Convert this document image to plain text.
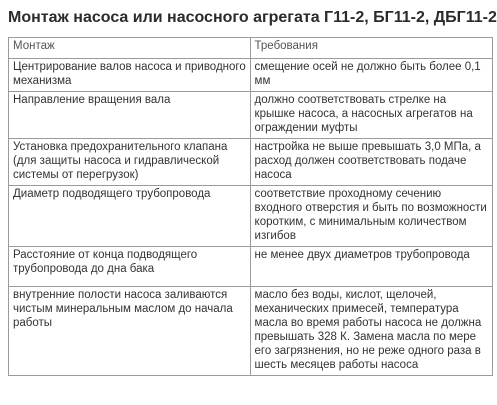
Монтаж насоса или насосного агрегата Г11-2, БГ11-2, ДБГ11-2
Монтаж	Требования
Центрирование валов насоса и приводного механизма	смещение осей не должно быть более 0,1 мм
Направление вращения вала	должно соответствовать стрелке на крышке насоса, а насосных агрегатов на ограждении муфты
Установка предохранительного клапана (для защиты насоса и гидравлической системы от перегрузок)	настройка не выше превышать 3,0 МПа, а расход должен соответствовать подаче насоса
Диаметр подводящего трубопровода	соответствие проходному сечению входного отверстия и быть по возможности коротким, с минимальным количеством изгибов
Расстояние от конца подводящего трубопровода до дна бака	не менее двух диаметров трубопровода
внутренние полости насоса заливаются чистым минеральным маслом до начала работы	масло без воды, кислот, щелочей, механических примесей, температура масла во время работы насоса не должна превышать 328 К. Замена масла по мере его загрязнения, но не реже одного раза в шесть месяцев работы насоса
